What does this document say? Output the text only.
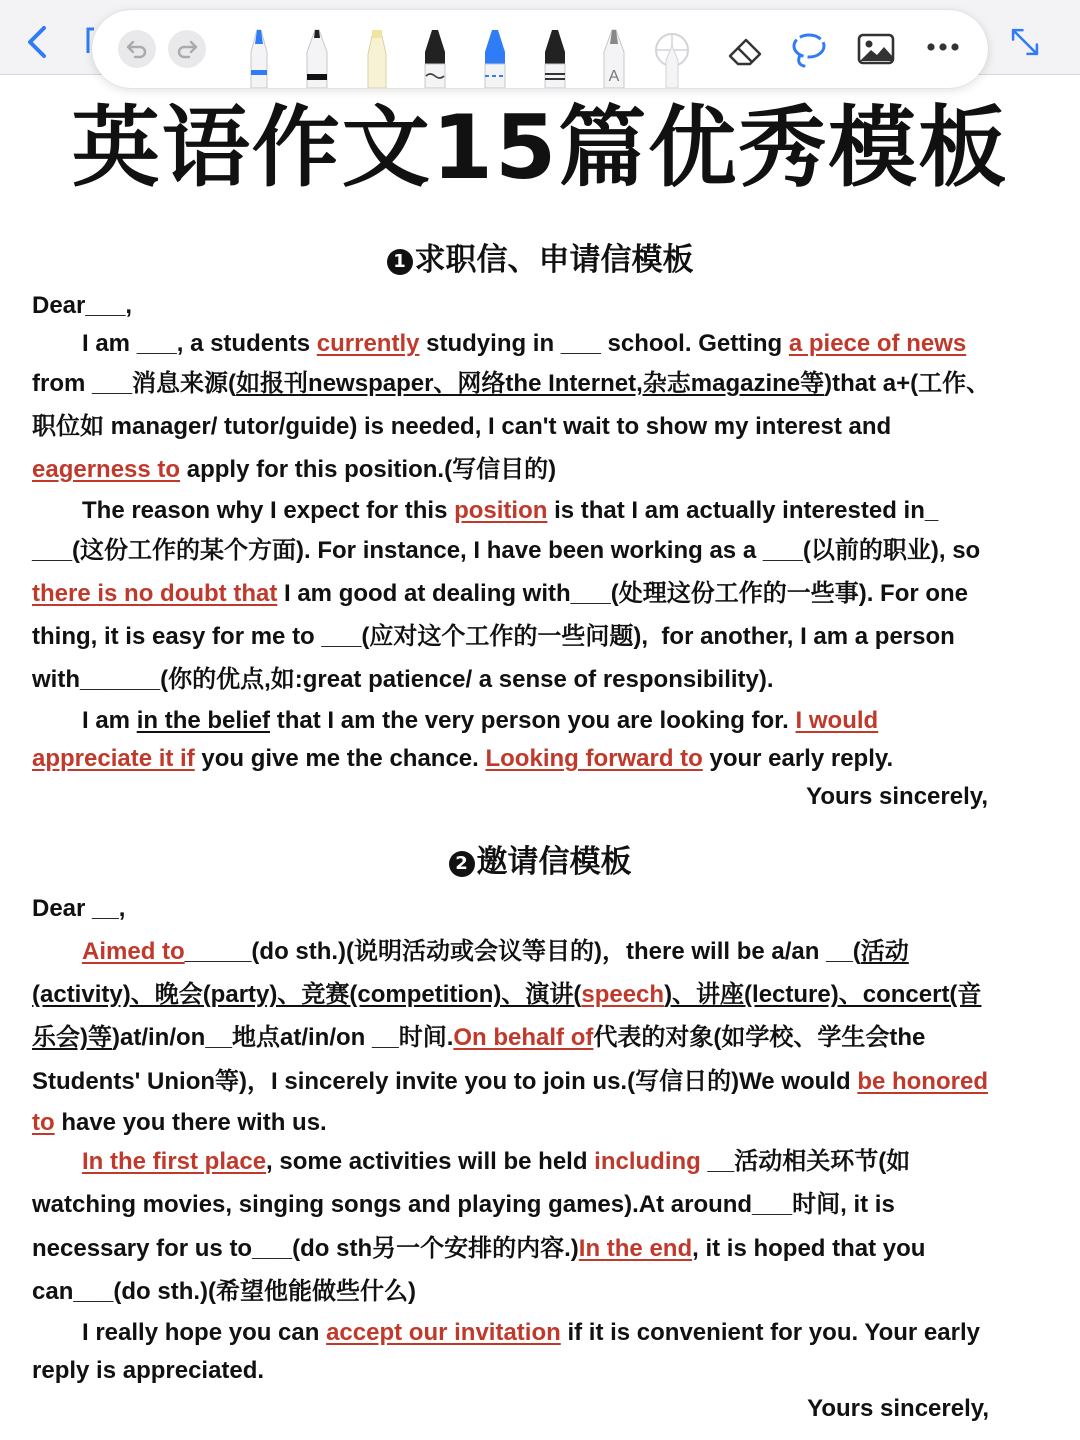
A
英语作文15篇优秀模板
1 求职信、申请信模板
Dear___,
I am ___, a students currently studying in ___ school. Getting a piece of news
from ___消息来源(如报刊newspaper、网络the Internet,杂志magazine等)that a+(工作、
职位如 manager/ tutor/guide) is needed, I can't wait to show my interest and
eagerness to apply for this position.(写信目的)
The reason why I expect for this position is that I am actually interested in_
___(这份工作的某个方面). For instance, I have been working as a ___(以前的职业), so
there is no doubt that I am good at dealing with___(处理这份工作的一些事). For one
thing, it is easy for me to ___(应对这个工作的一些问题),  for another, I am a person
with______(你的优点,如:great patience/ a sense of responsibility).
I am in the belief that I am the very person you are looking for. I would
appreciate it if you give me the chance. Looking forward to your early reply.
Yours sincerely,
2 邀请信模板
Dear __,
Aimed to_____(do sth.)(说明活动或会议等目的)，there will be a/an __(活动
(activity)、晚会(party)、竞赛(competition)、演讲(speech)、讲座(lecture)、concert(音
乐会)等)at/in/on__地点at/in/on __时间.On behalf of代表的对象(如学校、学生会the
Students' Union等)，I sincerely invite you to join us.(写信日的)We would be honored
to have you there with us.
In the first place, some activities will be held including __活动相关环节(如
watching movies, singing songs and playing games).At around___时间, it is
necessary for us to___(do sth另一个安排的内容.)In the end, it is hoped that you
can___(do sth.)(希望他能做些什么)
I really hope you can accept our invitation if it is convenient for you. Your early
reply is appreciated.
Yours sincerely,
